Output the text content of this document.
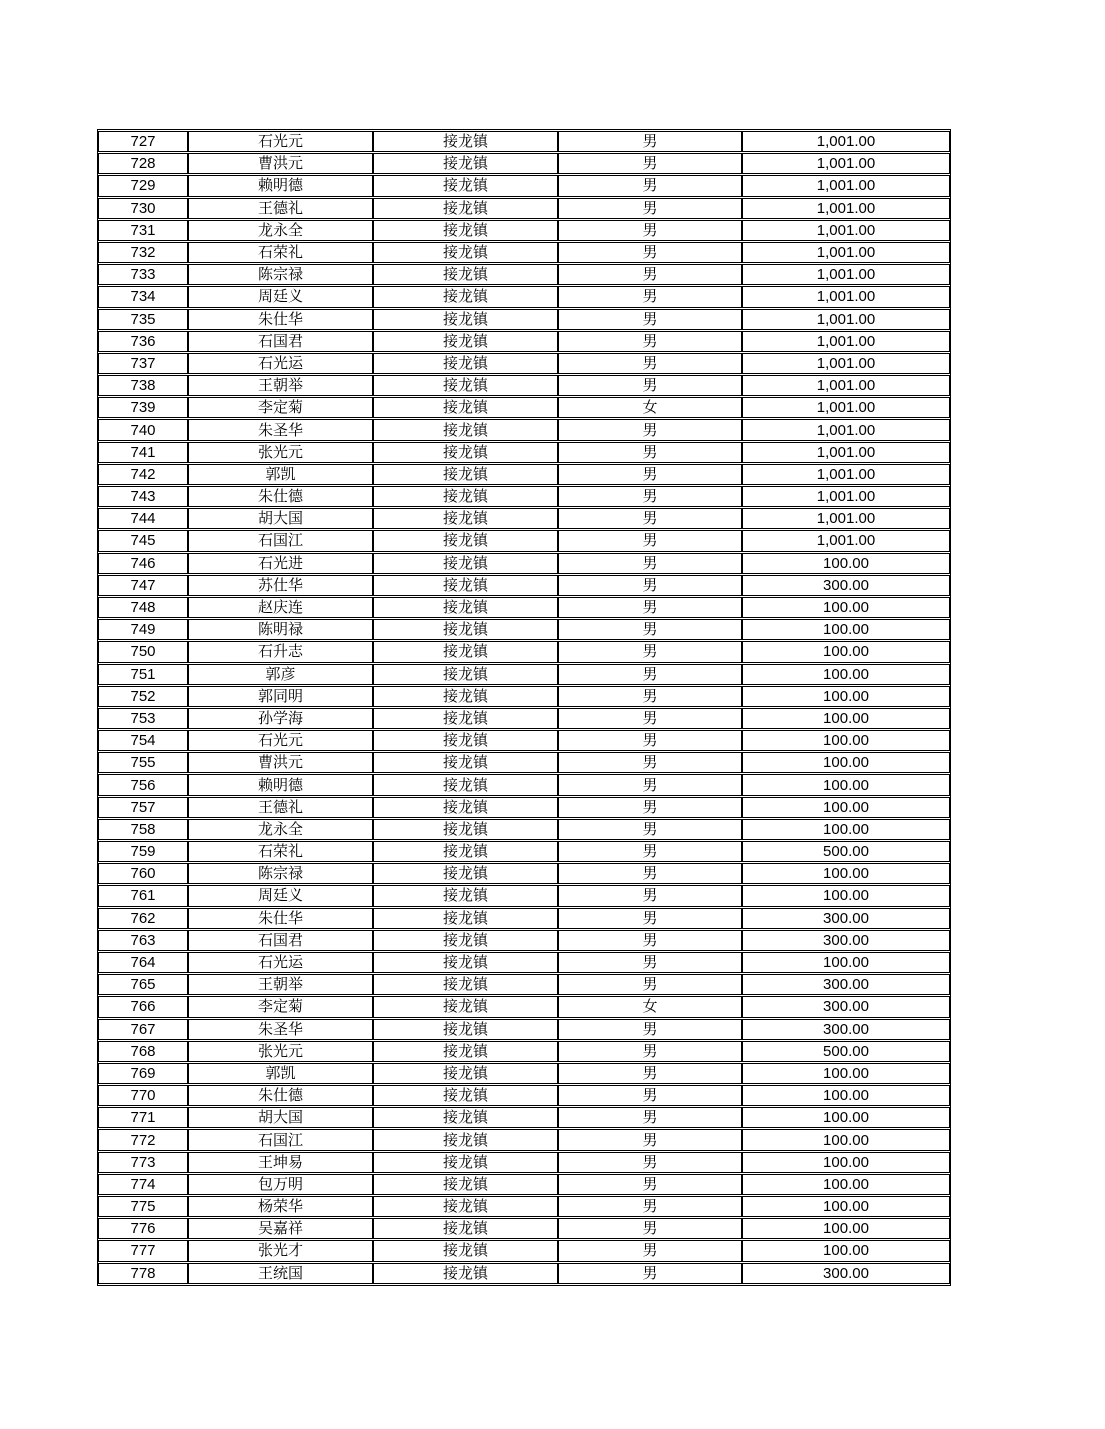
727	石光元	接龙镇	男	1,001.00
728	曹洪元	接龙镇	男	1,001.00
729	赖明德	接龙镇	男	1,001.00
730	王德礼	接龙镇	男	1,001.00
731	龙永全	接龙镇	男	1,001.00
732	石荣礼	接龙镇	男	1,001.00
733	陈宗禄	接龙镇	男	1,001.00
734	周廷义	接龙镇	男	1,001.00
735	朱仕华	接龙镇	男	1,001.00
736	石国君	接龙镇	男	1,001.00
737	石光运	接龙镇	男	1,001.00
738	王朝举	接龙镇	男	1,001.00
739	李定菊	接龙镇	女	1,001.00
740	朱圣华	接龙镇	男	1,001.00
741	张光元	接龙镇	男	1,001.00
742	郭凯	接龙镇	男	1,001.00
743	朱仕德	接龙镇	男	1,001.00
744	胡大国	接龙镇	男	1,001.00
745	石国江	接龙镇	男	1,001.00
746	石光进	接龙镇	男	100.00
747	苏仕华	接龙镇	男	300.00
748	赵庆连	接龙镇	男	100.00
749	陈明禄	接龙镇	男	100.00
750	石升志	接龙镇	男	100.00
751	郭彦	接龙镇	男	100.00
752	郭同明	接龙镇	男	100.00
753	孙学海	接龙镇	男	100.00
754	石光元	接龙镇	男	100.00
755	曹洪元	接龙镇	男	100.00
756	赖明德	接龙镇	男	100.00
757	王德礼	接龙镇	男	100.00
758	龙永全	接龙镇	男	100.00
759	石荣礼	接龙镇	男	500.00
760	陈宗禄	接龙镇	男	100.00
761	周廷义	接龙镇	男	100.00
762	朱仕华	接龙镇	男	300.00
763	石国君	接龙镇	男	300.00
764	石光运	接龙镇	男	100.00
765	王朝举	接龙镇	男	300.00
766	李定菊	接龙镇	女	300.00
767	朱圣华	接龙镇	男	300.00
768	张光元	接龙镇	男	500.00
769	郭凯	接龙镇	男	100.00
770	朱仕德	接龙镇	男	100.00
771	胡大国	接龙镇	男	100.00
772	石国江	接龙镇	男	100.00
773	王坤易	接龙镇	男	100.00
774	包万明	接龙镇	男	100.00
775	杨荣华	接龙镇	男	100.00
776	吴嘉祥	接龙镇	男	100.00
777	张光才	接龙镇	男	100.00
778	王统国	接龙镇	男	300.00
